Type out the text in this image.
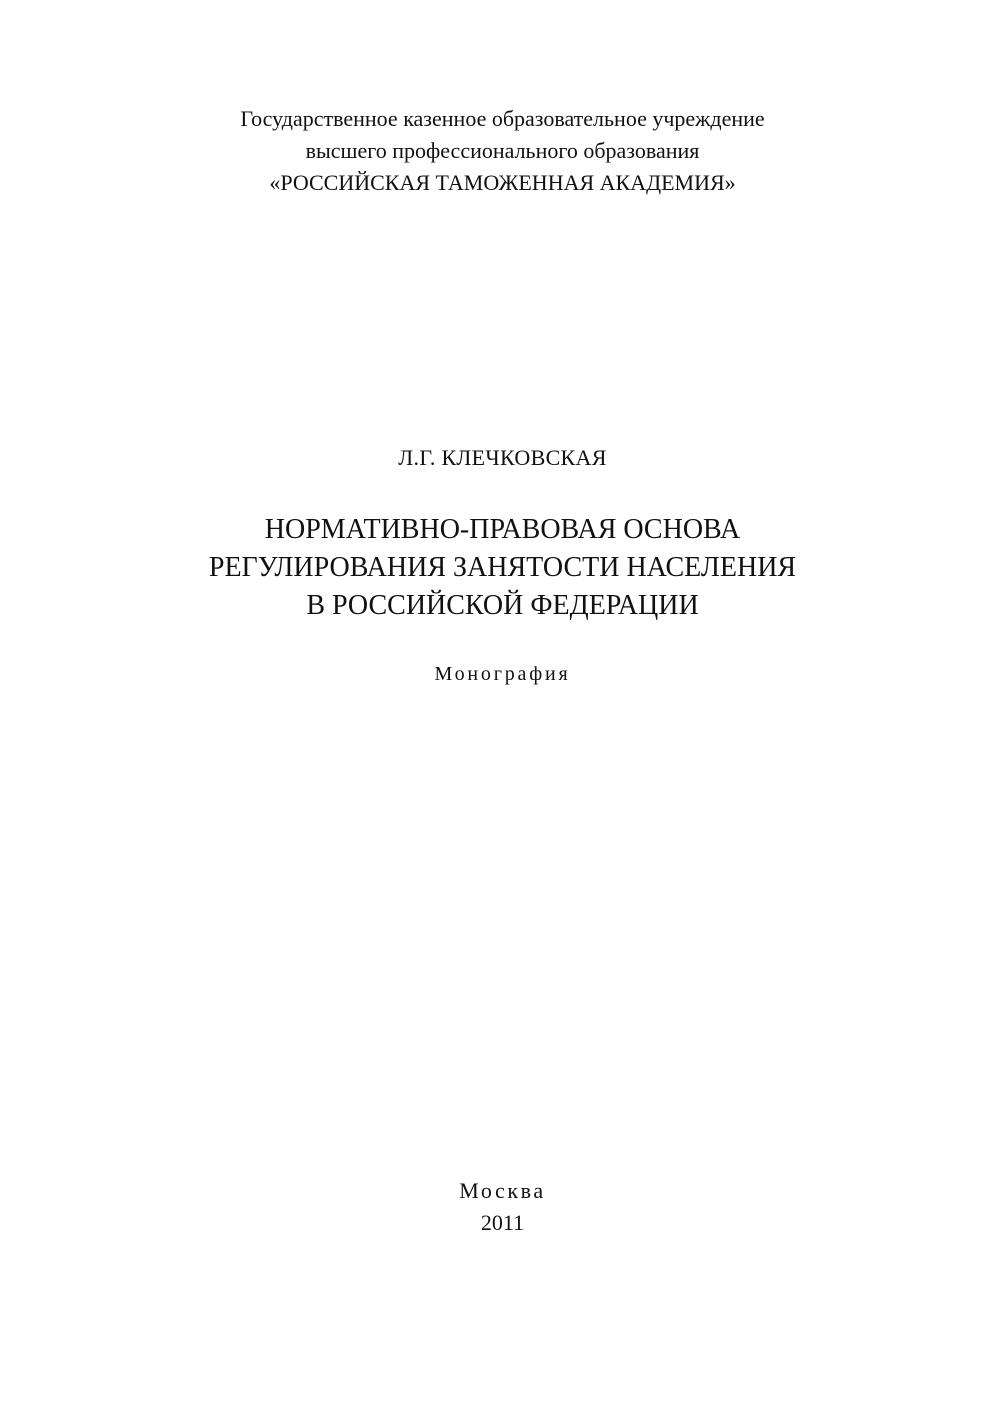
Государственное казенное образовательное учреждение
высшего профессионального образования
«РОССИЙСКАЯ ТАМОЖЕННАЯ АКАДЕМИЯ»
Л.Г. КЛЕЧКОВСКАЯ
НОРМАТИВНО-ПРАВОВАЯ ОСНОВА
РЕГУЛИРОВАНИЯ ЗАНЯТОСТИ НАСЕЛЕНИЯ
В РОССИЙСКОЙ ФЕДЕРАЦИИ
Монография
Москва
2011
